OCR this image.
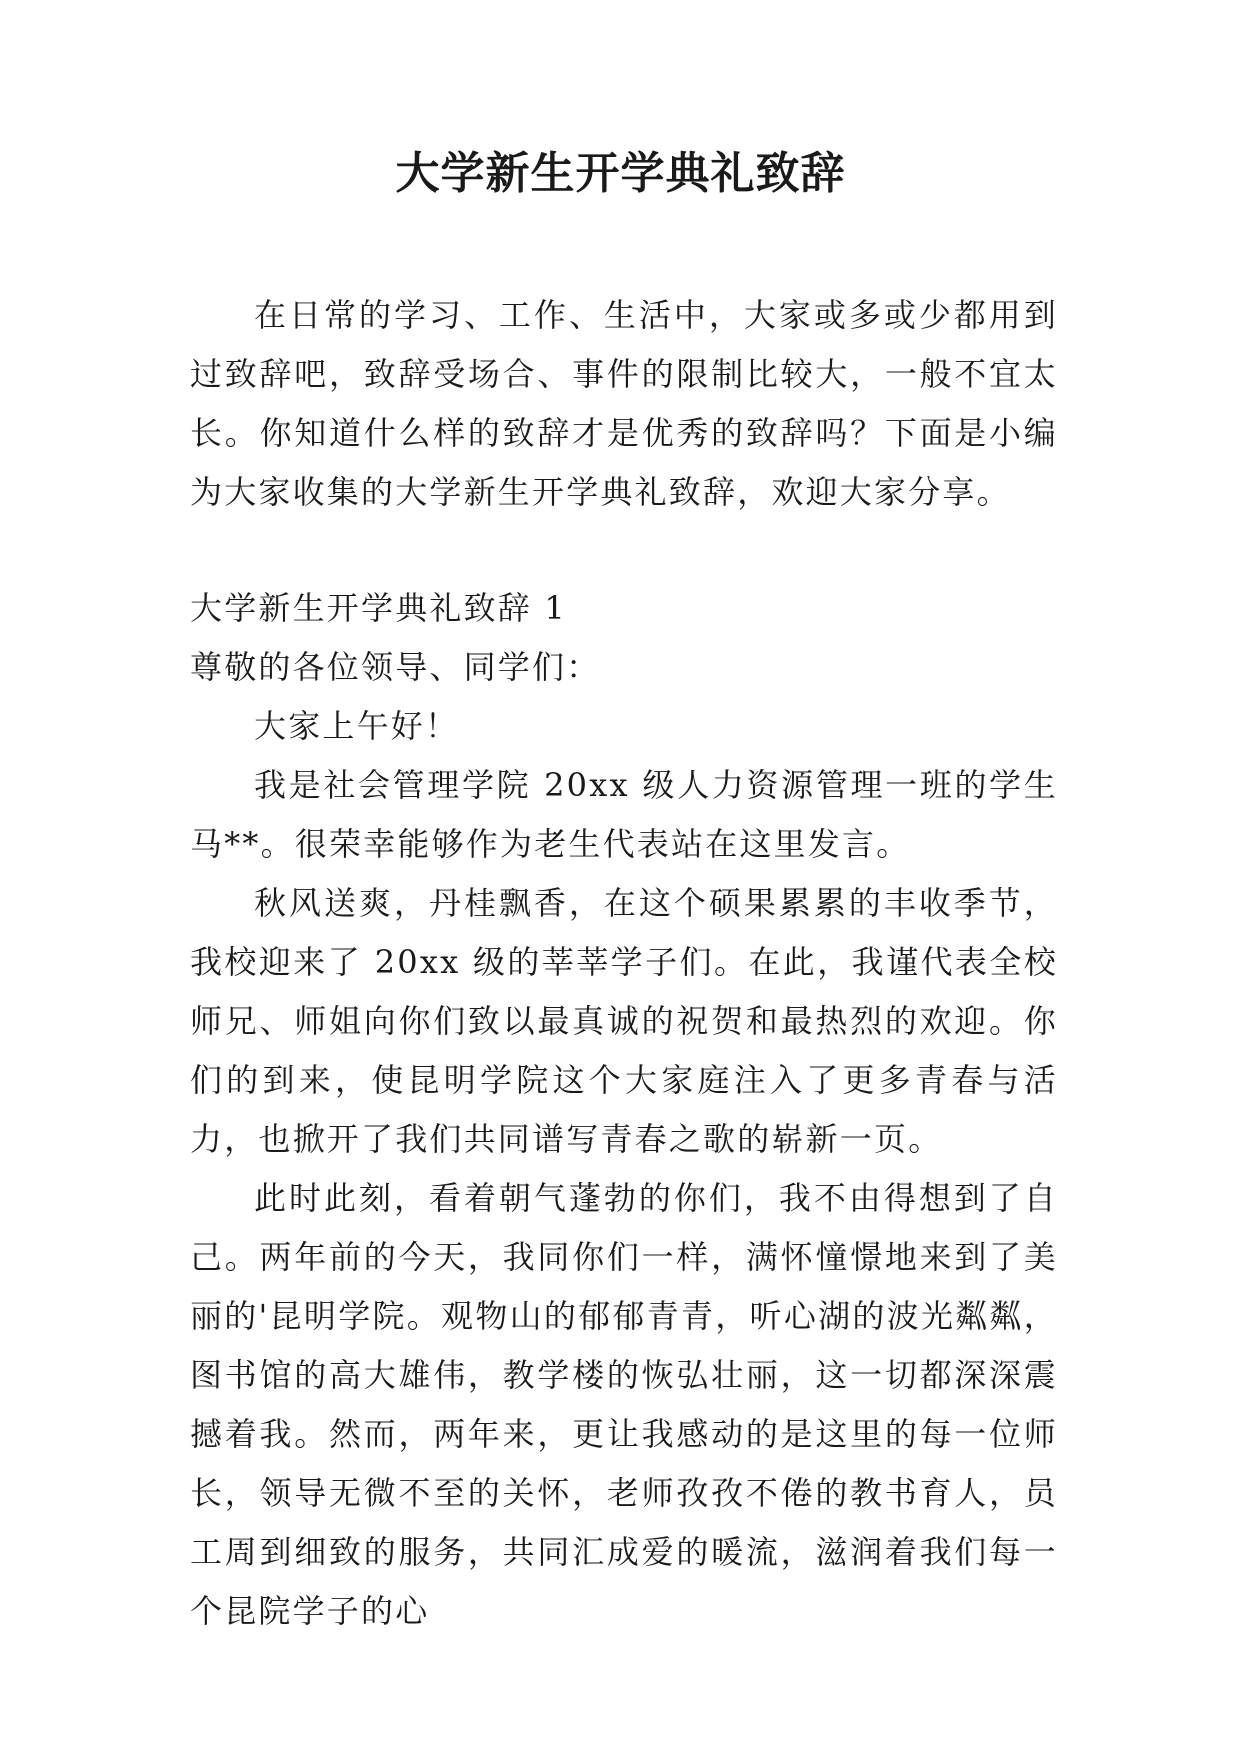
大学新生开学典礼致辞

在日常的学习、工作、生活中，大家或多或少都用到过致辞吧，致辞受场合、事件的限制比较大，一般不宜太长。你知道什么样的致辞才是优秀的致辞吗？下面是小编为大家收集的大学新生开学典礼致辞，欢迎大家分享。

大学新生开学典礼致辞 1

尊敬的各位领导、同学们：

大家上午好！

我是社会管理学院 20xx 级人力资源管理一班的学生马**。很荣幸能够作为老生代表站在这里发言。

秋风送爽，丹桂飘香，在这个硕果累累的丰收季节，我校迎来了 20xx 级的莘莘学子们。在此，我谨代表全校师兄、师姐向你们致以最真诚的祝贺和最热烈的欢迎。你们的到来，使昆明学院这个大家庭注入了更多青春与活力，也掀开了我们共同谱写青春之歌的崭新一页。

此时此刻，看着朝气蓬勃的你们，我不由得想到了自己。两年前的今天，我同你们一样，满怀憧憬地来到了美丽的'昆明学院。观物山的郁郁青青，听心湖的波光粼粼，图书馆的高大雄伟，教学楼的恢弘壮丽，这一切都深深震撼着我。然而，两年来，更让我感动的是这里的每一位师长，领导无微不至的关怀，老师孜孜不倦的教书育人，员工周到细致的服务，共同汇成爱的暖流，滋润着我们每一个昆院学子的心
